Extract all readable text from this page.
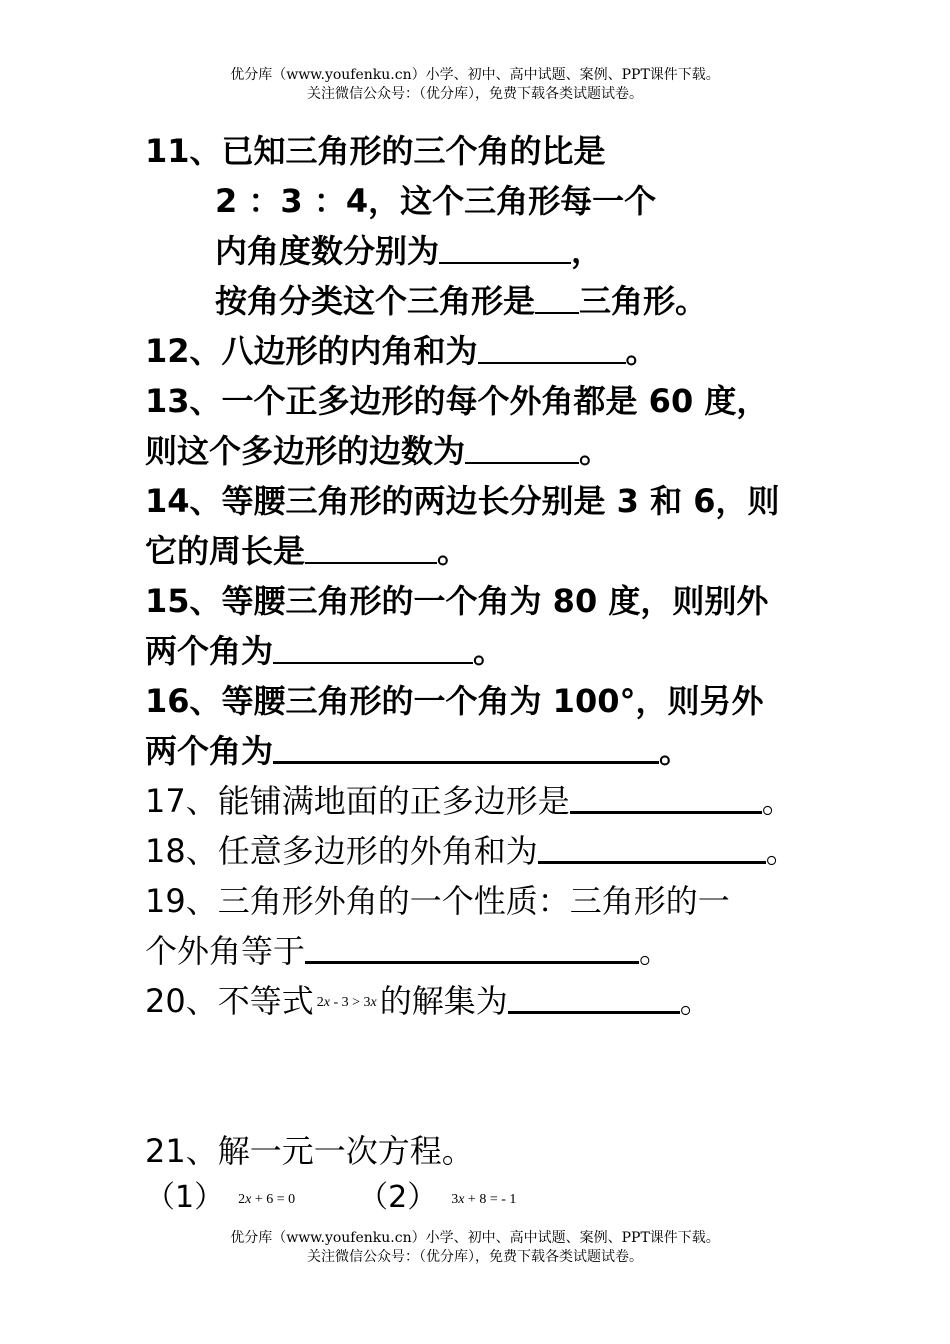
优分库（www.youfenku.cn）小学、初中、高中试题、案例、PPT课件下载。
关注微信公众号：（优分库），免费下载各类试题试卷。
11、已知三角形的三个角的比是
2 ：3 ：4，这个三角形每一个
内角度数分别为	，
按角分类这个三角形是 三角形。
12、八边形的内角和为	。
13、一个正多边形的每个外角都是 60 度，
则这个多边形的边数为	。
14、等腰三角形的两边长分别是 3 和 6，则
它的周长是	。
15、等腰三角形的一个角为 80 度，则别外
两个角为	。
16、等腰三角形的一个角为 100°，则另外
两个角为	。
17、能铺满地面的正多边形是	。
18、任意多边形的外角和为	。
19、三角形外角的一个性质：三角形的一
个外角等于	。
20、不等式 2x - 3 > 3x的解集为	。
21、解一元一次方程。
（1） 2x + 6 = 0 （2） 3x + 8 = - 1
优分库（www.youfenku.cn）小学、初中、高中试题、案例、PPT课件下载。
关注微信公众号：（优分库），免费下载各类试题试卷。
